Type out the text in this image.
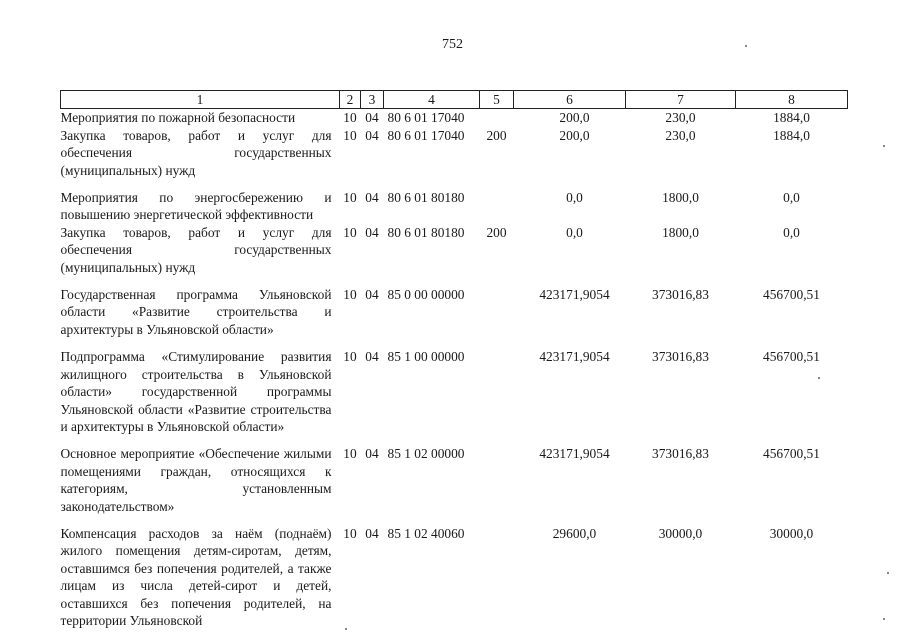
752
1	2	3	4	5	6	7	8
Мероприятия по пожарной безопасности	10	04	80 6 01 17040		200,0	230,0	1884,0
Закупка товаров, работ и услуг для обеспечения государственных (муниципальных) нужд	10	04	80 6 01 17040	200	200,0	230,0	1884,0
Мероприятия по энергосбережению и повышению энергетической эффективности	10	04	80 6 01 80180		0,0	1800,0	0,0
Закупка товаров, работ и услуг для обеспечения государственных (муниципальных) нужд	10	04	80 6 01 80180	200	0,0	1800,0	0,0
Государственная программа Ульяновской области «Развитие строительства и архитектуры в Ульяновской области»	10	04	85 0 00 00000		423171,9054	373016,83	456700,51
Подпрограмма «Стимулирование развития жилищного строительства в Ульяновской области» государственной программы Ульяновской области «Развитие строительства и архитектуры в Ульяновской области»	10	04	85 1 00 00000		423171,9054	373016,83	456700,51
Основное мероприятие «Обеспечение жилыми помещениями граждан, относящихся к категориям, установленным законодательством»	10	04	85 1 02 00000		423171,9054	373016,83	456700,51
Компенсация расходов за наём (поднаём) жилого помещения детям-сиротам, детям, оставшимся без попечения родителей, а также лицам из числа детей-сирот и детей, оставшихся без попечения родителей, на территории Ульяновской	10	04	85 1 02 40060		29600,0	30000,0	30000,0
